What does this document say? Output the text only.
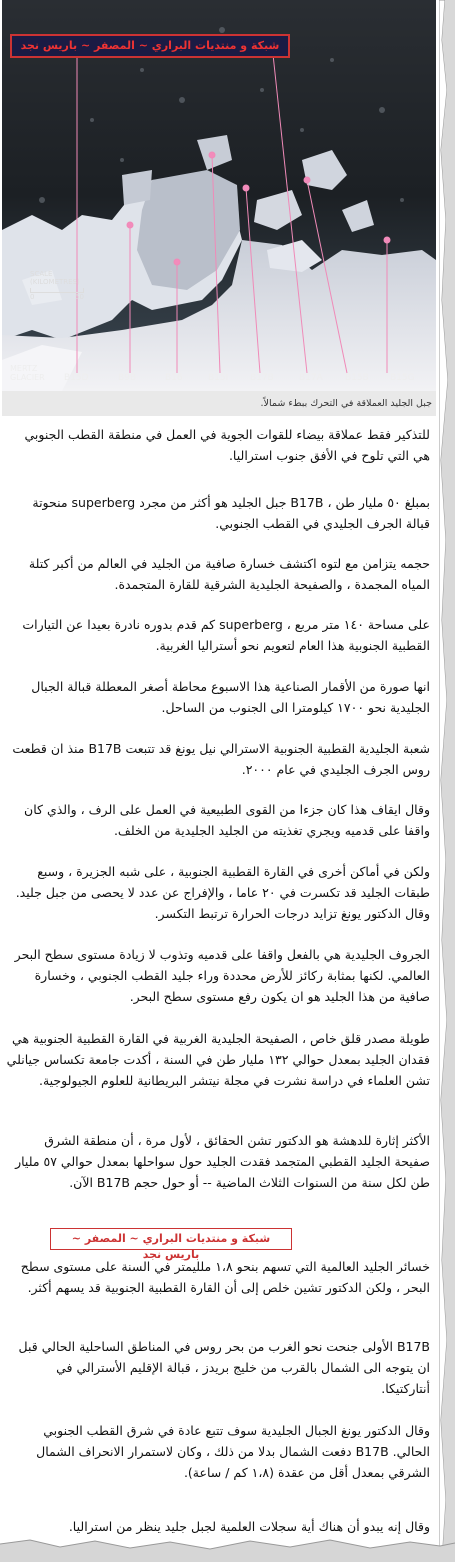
SCALE
(KILOMETRES)
0	50
MERTZ
GLACIER B15D	B9B	B16	B15I B17B	B17A B15B B15G
شبكة و منتديات البراري ~ المصفر ~ باريس نجد
جبل الجليد العملاقة في التحرك ببطء شمالاً.

للتذكير فقط عملاقة بيضاء للقوات الجوية في العمل في منطقة القطب الجنوبي هي التي تلوح في الأفق جنوب استراليا.

بمبلغ ٥٠ مليار طن ، B17B جبل الجليد هو أكثر من مجرد superberg منحوتة قبالة الجرف الجليدي في القطب الجنوبي.

حجمه يتزامن مع لتوه اكتشف خسارة صافية من الجليد في العالم من أكبر كتلة المياه المجمدة ، والصفيحة الجليدية الشرقية للقارة المتجمدة.

على مساحة ١٤٠ متر مربع ، superberg كم قدم بدوره نادرة بعيدا عن التيارات القطبية الجنوبية هذا العام لتعويم نحو أستراليا الغربية.

انها صورة من الأقمار الصناعية هذا الاسبوع محاطة أصغر المعطلة قبالة الجبال الجليدية نحو ١٧٠٠ كيلومترا الى الجنوب من الساحل.

شعبة الجليدية القطبية الجنوبية الاسترالي نيل يونغ قد تتبعت B17B منذ ان قطعت روس الجرف الجليدي في عام ٢٠٠٠.

وقال ايقاف هذا كان جزءا من القوى الطبيعية في العمل على الرف ، والذي كان واقفا على قدميه ويجري تغذيته من الجليد الجليدية من الخلف.

ولكن في أماكن أخرى في القارة القطبية الجنوبية ، على شبه الجزيرة ، وسبع طبقات الجليد قد تكسرت في ٢٠ عاما ، والإفراج عن عدد لا يحصى من جبل جليد. وقال الدكتور يونغ تزايد درجات الحرارة ترتبط التكسر.

الجروف الجليدية هي بالفعل واقفا على قدميه وتذوب لا زيادة مستوى سطح البحر العالمي. لكنها بمثابة ركائز للأرض محددة وراء جليد القطب الجنوبي ، وخسارة صافية من هذا الجليد هو ان يكون رفع مستوى سطح البحر.

طويلة مصدر قلق خاص ، الصفيحة الجليدية الغربية في القارة القطبية الجنوبية هي فقدان الجليد بمعدل حوالي ١٣٢ مليار طن في السنة ، أكدت جامعة تكساس جيانلي تشن العلماء في دراسة نشرت في مجلة نيتشر البريطانية للعلوم الجيولوجية.

الأكثر إثارة للدهشة هو الدكتور تشن الحقائق ، لأول مرة ، أن منطقة الشرق صفيحة الجليد القطبي المتجمد فقدت الجليد حول سواحلها بمعدل حوالي ٥٧ مليار طن لكل سنة من السنوات الثلاث الماضية -- أو حول حجم B17B الآن.

خسائر الجليد العالمية التي تسهم بنحو ١،٨ ملليمتر في السنة على مستوى سطح البحر ، ولكن الدكتور تشين خلص إلى أن القارة القطبية الجنوبية قد يسهم أكثر.

B17B الأولى جنحت نحو الغرب من بحر روس في المناطق الساحلية الحالي قبل ان يتوجه الى الشمال بالقرب من خليج بريدز ، قبالة الإقليم الأسترالي في أنتاركتيكا.

وقال الدكتور يونغ الجبال الجليدية سوف تتبع عادة في شرق القطب الجنوبي الحالي. B17B دفعت الشمال بدلا من ذلك ، وكان لاستمرار الانحراف الشمال الشرقي بمعدل أقل من عقدة (١،٨ كم / ساعة).

وقال إنه يبدو أن هناك أية سجلات العلمية لجبل جليد ينظر من استراليا.

شبكة و منتديات البراري ~ المصفر ~ باريس نجد
